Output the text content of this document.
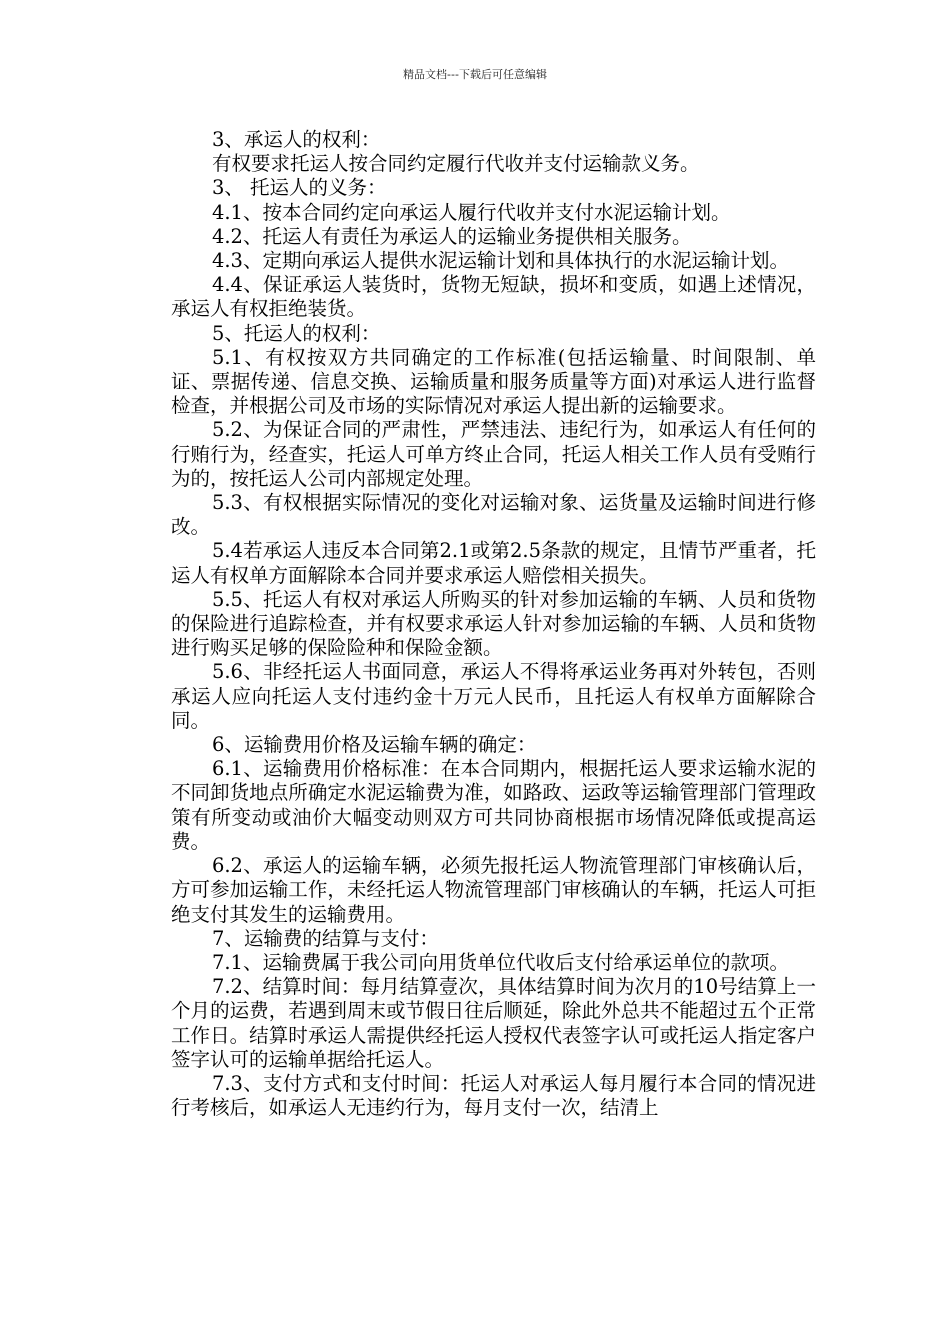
精品文档---下载后可任意编辑

3、承运人的权利：

有权要求托运人按合同约定履行代收并支付运输款义务。

3、 托运人的义务：

4.1、按本合同约定向承运人履行代收并支付水泥运输计划。

4.2、托运人有责任为承运人的运输业务提供相关服务。

4.3、定期向承运人提供水泥运输计划和具体执行的水泥运输计划。

4.4、保证承运人装货时，货物无短缺，损坏和变质，如遇上述情况，承运人有权拒绝装货。

5、托运人的权利：

5.1、有权按双方共同确定的工作标准(包括运输量、时间限制、单证、票据传递、信息交换、运输质量和服务质量等方面)对承运人进行监督检查，并根据公司及市场的实际情况对承运人提出新的运输要求。

5.2、为保证合同的严肃性，严禁违法、违纪行为，如承运人有任何的行贿行为，经查实，托运人可单方终止合同，托运人相关工作人员有受贿行为的，按托运人公司内部规定处理。

5.3、有权根据实际情况的变化对运输对象、运货量及运输时间进行修改。

5.4若承运人违反本合同第2.1或第2.5条款的规定，且情节严重者，托运人有权单方面解除本合同并要求承运人赔偿相关损失。

5.5、托运人有权对承运人所购买的针对参加运输的车辆、人员和货物的保险进行追踪检查，并有权要求承运人针对参加运输的车辆、人员和货物进行购买足够的保险险种和保险金额。

5.6、非经托运人书面同意，承运人不得将承运业务再对外转包，否则承运人应向托运人支付违约金十万元人民币，且托运人有权单方面解除合同。

6、运输费用价格及运输车辆的确定：

6.1、运输费用价格标准：在本合同期内，根据托运人要求运输水泥的不同卸货地点所确定水泥运输费为准，如路政、运政等运输管理部门管理政策有所变动或油价大幅变动则双方可共同协商根据市场情况降低或提高运费。

6.2、承运人的运输车辆，必须先报托运人物流管理部门审核确认后，方可参加运输工作，未经托运人物流管理部门审核确认的车辆，托运人可拒绝支付其发生的运输费用。

7、运输费的结算与支付：

7.1、运输费属于我公司向用货单位代收后支付给承运单位的款项。

7.2、结算时间：每月结算壹次，具体结算时间为次月的10号结算上一个月的运费，若遇到周末或节假日往后顺延，除此外总共不能超过五个正常工作日。结算时承运人需提供经托运人授权代表签字认可或托运人指定客户签字认可的运输单据给托运人。

7.3、支付方式和支付时间：托运人对承运人每月履行本合同的情况进行考核后，如承运人无违约行为，每月支付一次，结清上
